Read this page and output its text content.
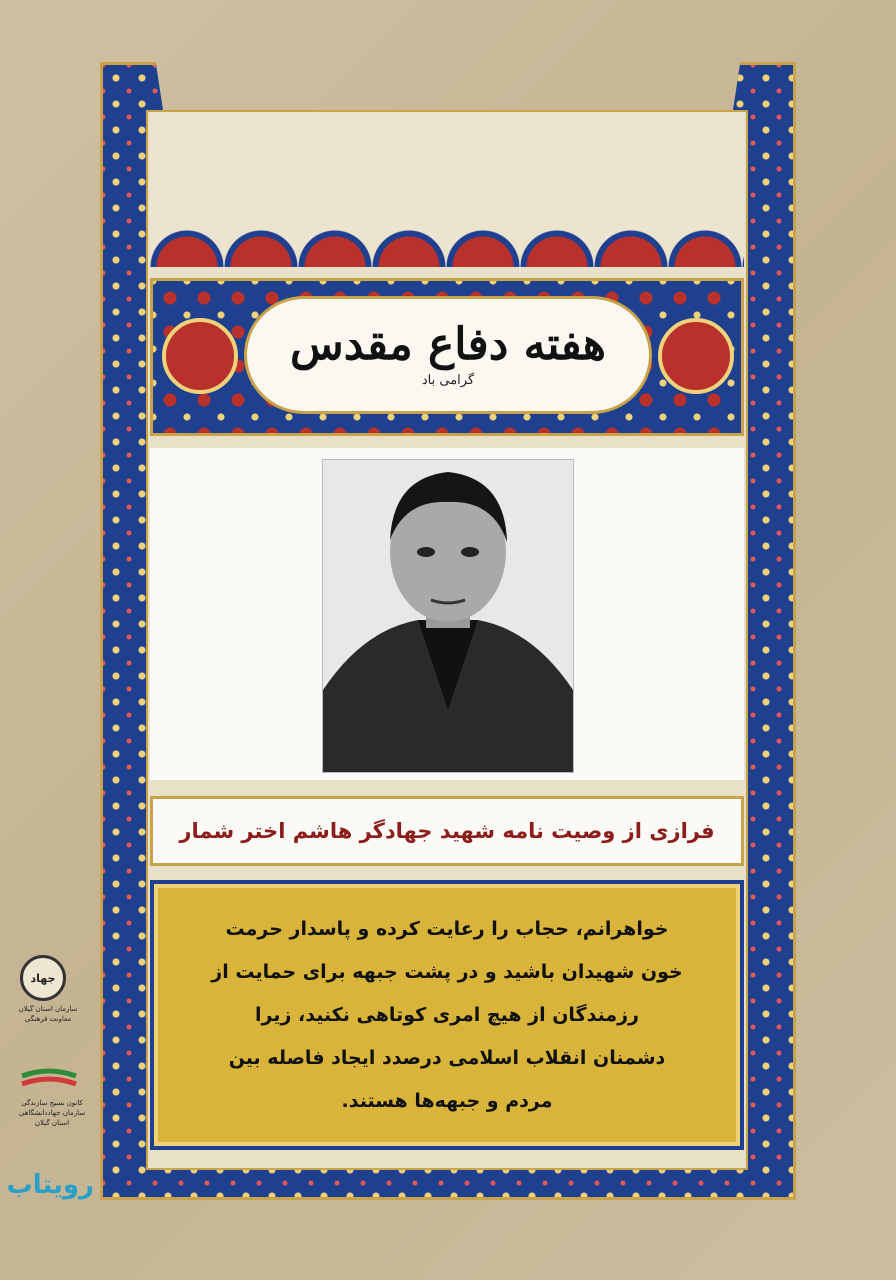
هفته دفاع مقدس
گرامی باد
فرازی از وصیت نامه شهید جهادگر هاشم اختر شمار

خواهرانم، حجاب را رعایت کرده و پاسدار حرمت
خون شهیدان باشید و در پشت جبهه برای حمایت از
رزمندگان از هیچ امری کوتاهی نکنید، زیرا
دشمنان انقلاب اسلامی درصدد ایجاد فاصله بین
مردم و جبهه‌ها هستند.

جهاد
سازمان استان گیلان
معاونت فرهنگی
کانون بسیج سازندگی
سازمان جهاددانشگاهی استان گیلان
رویتاب
